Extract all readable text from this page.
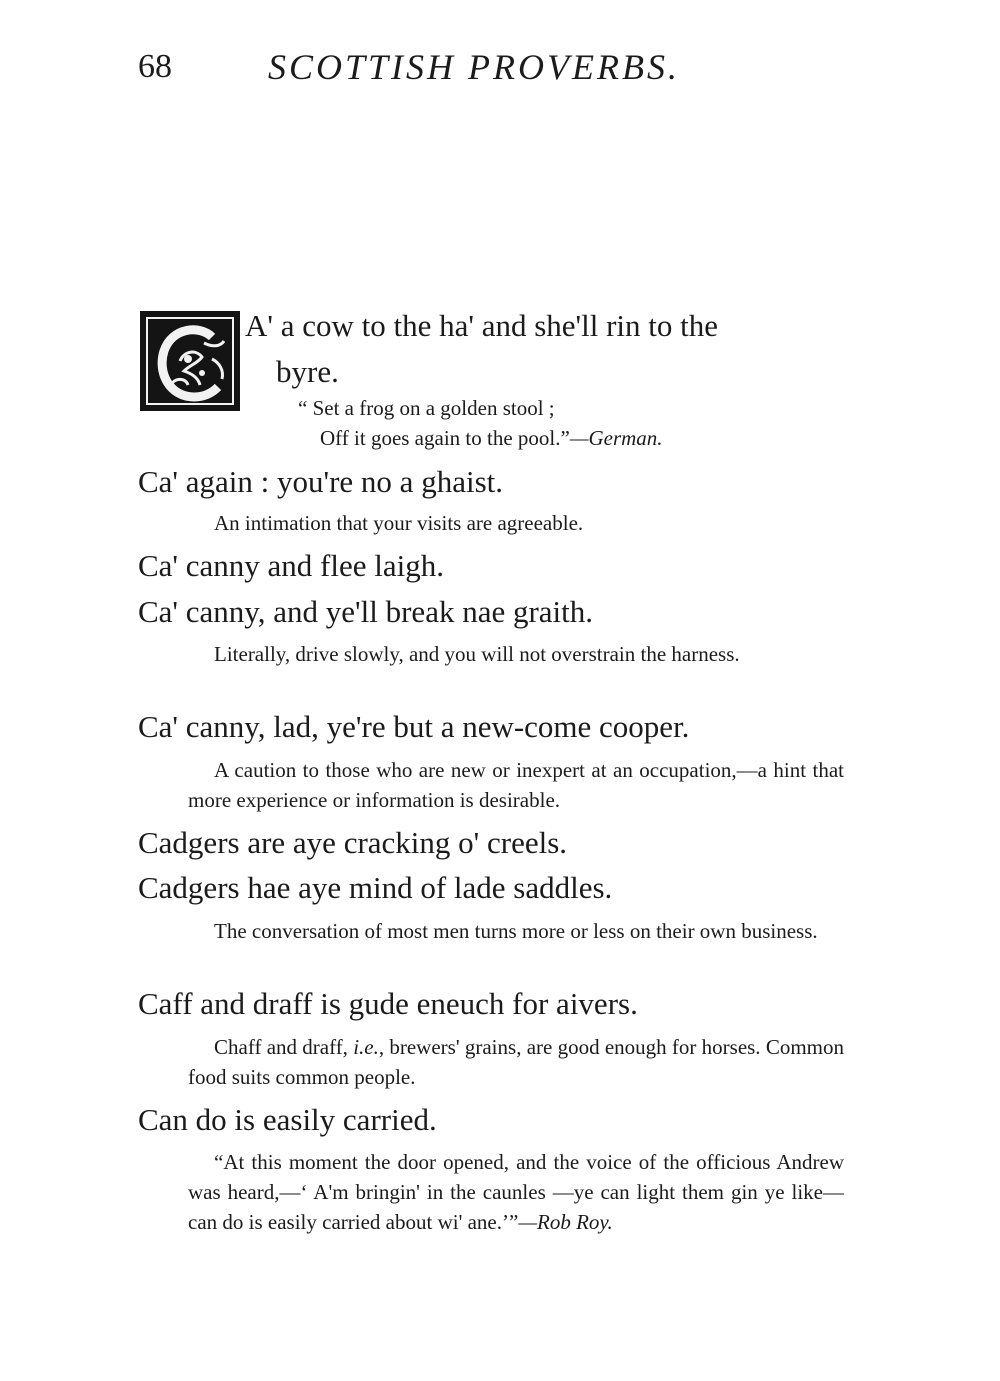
68	SCOTTISH PROVERBS.
A' a cow to the ha' and she'll rin to the
byre.
“ Set a frog on a golden stool ;
Off it goes again to the pool.”—German.
Ca' again : you're no a ghaist.
An intimation that your visits are agreeable.
Ca' canny and flee laigh.
Ca' canny, and ye'll break nae graith.
Literally, drive slowly, and you will not overstrain the harness.
Ca' canny, lad, ye're but a new-come cooper.
A caution to those who are new or inexpert at an occupation,—a hint that more experience or information is desirable.
Cadgers are aye cracking o' creels.
Cadgers hae aye mind of lade saddles.
The conversation of most men turns more or less on their own business.
Caff and draff is gude eneuch for aivers.
Chaff and draff, i.e., brewers' grains, are good enough for horses. Common food suits common people.
Can do is easily carried.
“At this moment the door opened, and the voice of the officious Andrew was heard,—‘ A'm bringin' in the caunles —ye can light them gin ye like—can do is easily carried about wi' ane.’”—Rob Roy.
